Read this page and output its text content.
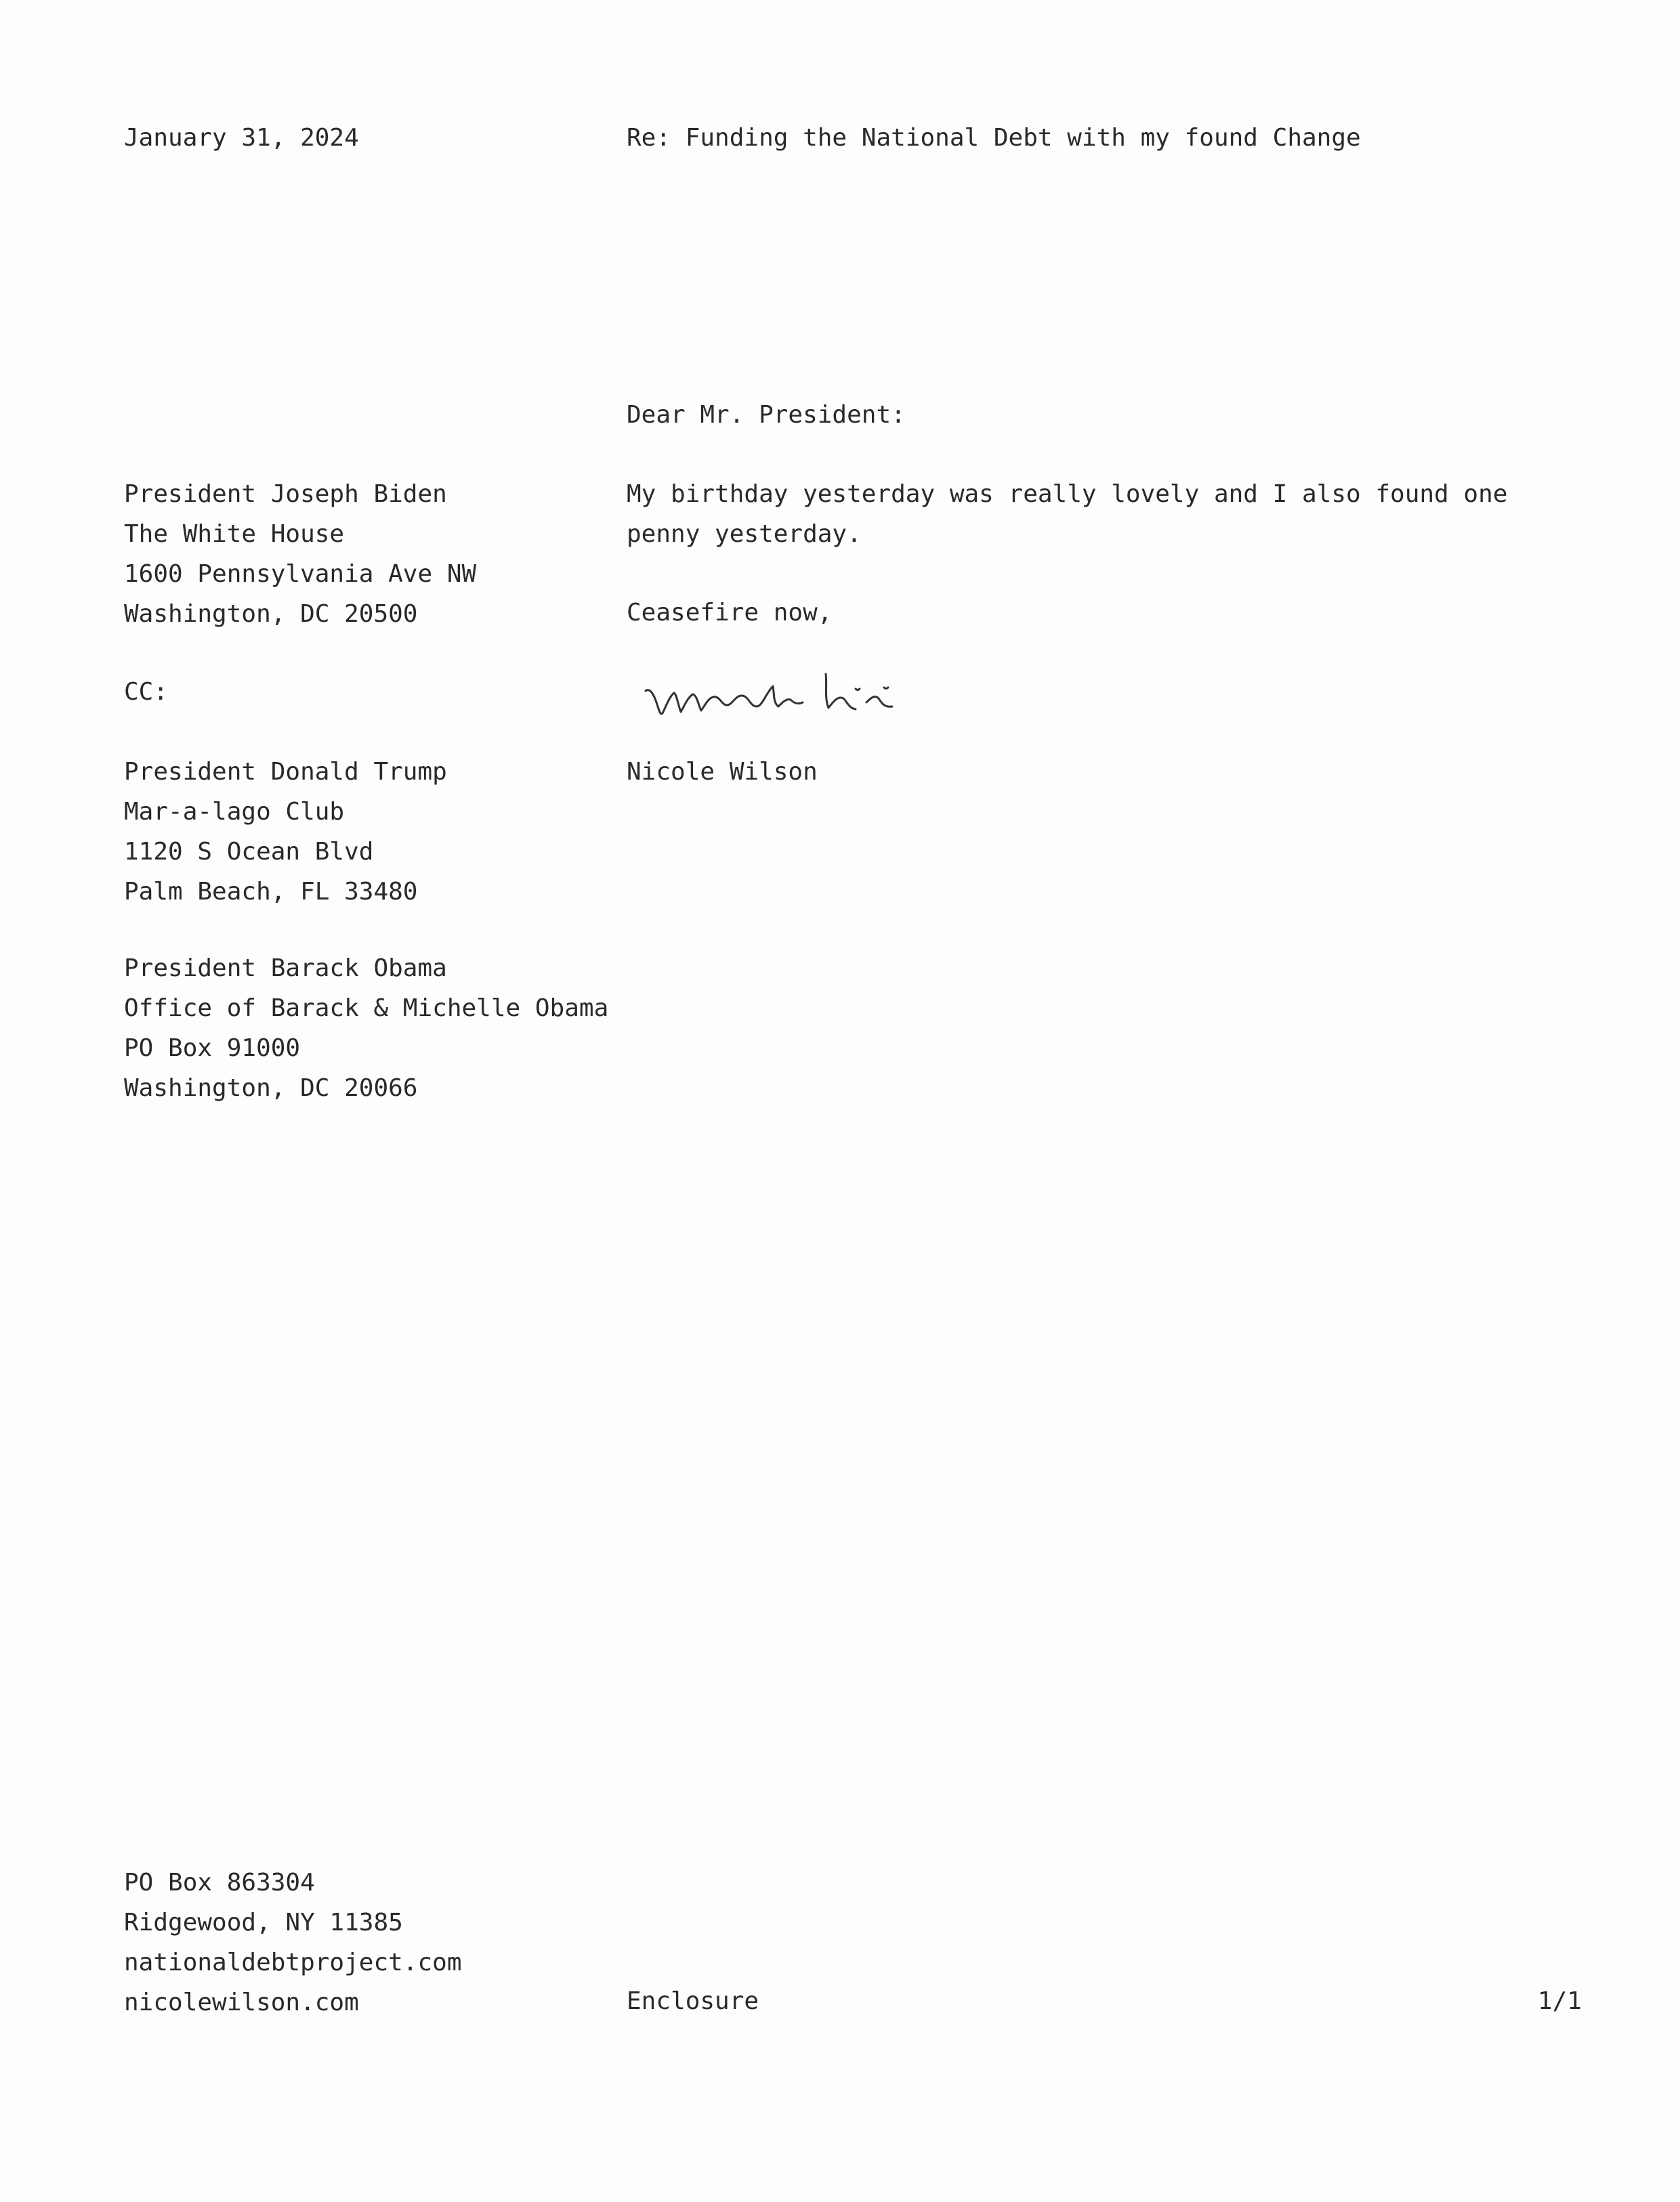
January 31, 2024	Re: Funding the National Debt with my found Change
Dear Mr. President:
President Joseph Biden
The White House
1600 Pennsylvania Ave NW
Washington, DC 20500
My birthday yesterday was really lovely and I also found one penny yesterday.
Ceasefire now,
CC:
Nicole Wilson
President Donald Trump
Mar-a-lago Club
1120 S Ocean Blvd
Palm Beach, FL 33480
President Barack Obama
Office of Barack & Michelle Obama
PO Box 91000
Washington, DC 20066
PO Box 863304
Ridgewood, NY 11385
nationaldebtproject.com
nicolewilson.com	Enclosure	1/1
